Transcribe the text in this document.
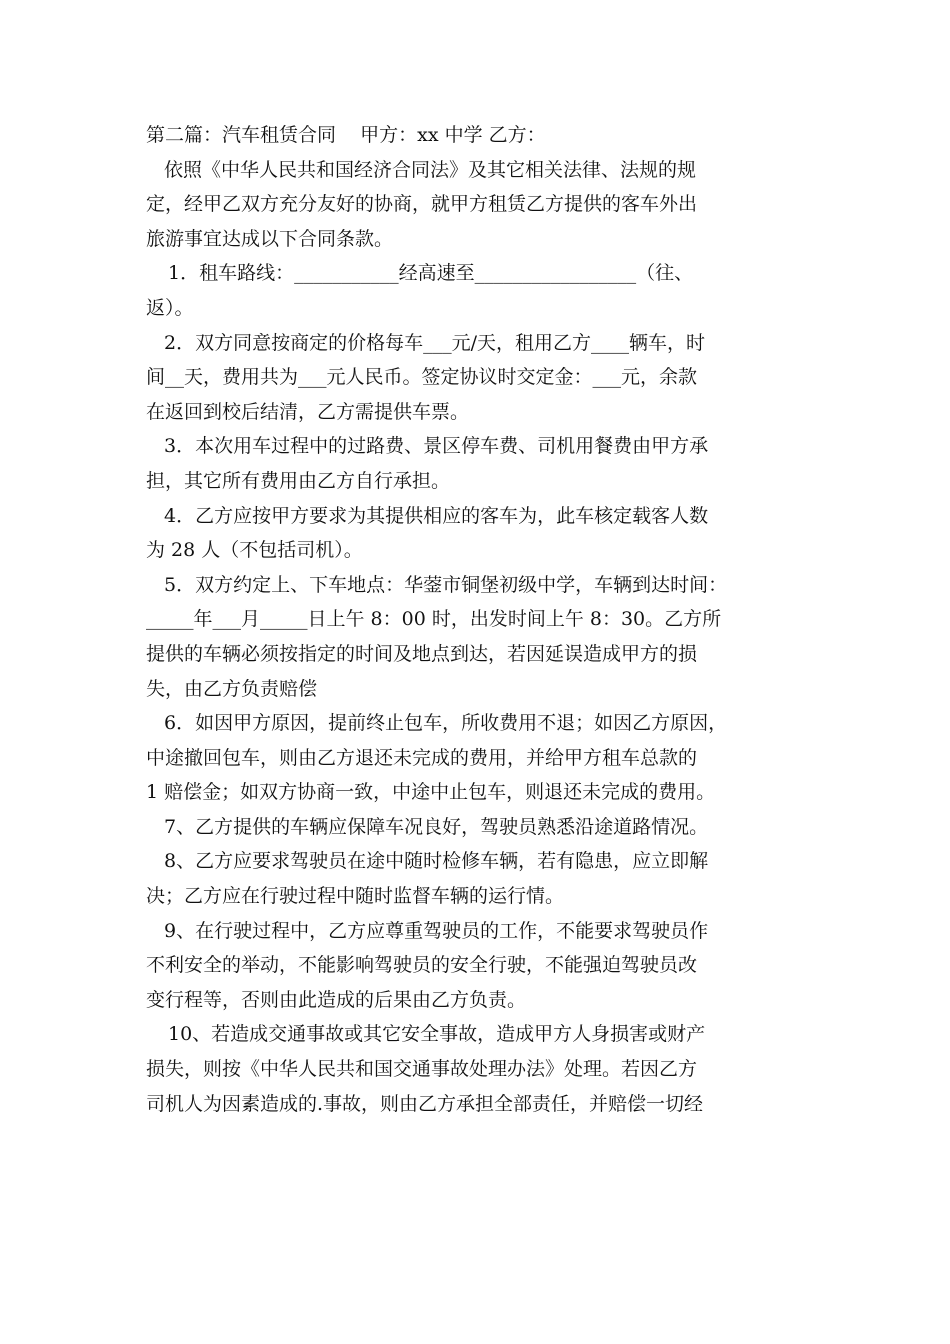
第二篇：汽车租赁合同    甲方：xx 中学 乙方：
依照《中华人民共和国经济合同法》及其它相关法律、法规的规
定，经甲乙双方充分友好的协商，就甲方租赁乙方提供的客车外出
旅游事宜达成以下合同条款。
1．租车路线：___________经高速至_________________（往、
返）。
2．双方同意按商定的价格每车___元/天，租用乙方____辆车，时
间__天，费用共为___元人民币。签定协议时交定金：___元，余款
在返回到校后结清，乙方需提供车票。
3．本次用车过程中的过路费、景区停车费、司机用餐费由甲方承
担，其它所有费用由乙方自行承担。
4．乙方应按甲方要求为其提供相应的客车为，此车核定载客人数
为 28 人（不包括司机）。
5．双方约定上、下车地点：华蓥市铜堡初级中学，车辆到达时间：
_____年___月_____日上午 8：00 时，出发时间上午 8：30。乙方所
提供的车辆必须按指定的时间及地点到达，若因延误造成甲方的损
失，由乙方负责赔偿
6．如因甲方原因，提前终止包车，所收费用不退；如因乙方原因，
中途撤回包车，则由乙方退还未完成的费用，并给甲方租车总款的
1 赔偿金；如双方协商一致，中途中止包车，则退还未完成的费用。
7、乙方提供的车辆应保障车况良好，驾驶员熟悉沿途道路情况。
8、乙方应要求驾驶员在途中随时检修车辆，若有隐患，应立即解
决；乙方应在行驶过程中随时监督车辆的运行情。
9、在行驶过程中，乙方应尊重驾驶员的工作，不能要求驾驶员作
不利安全的举动，不能影响驾驶员的安全行驶，不能强迫驾驶员改
变行程等，否则由此造成的后果由乙方负责。
10、若造成交通事故或其它安全事故，造成甲方人身损害或财产
损失，则按《中华人民共和国交通事故处理办法》处理。若因乙方
司机人为因素造成的.事故，则由乙方承担全部责任，并赔偿一切经
